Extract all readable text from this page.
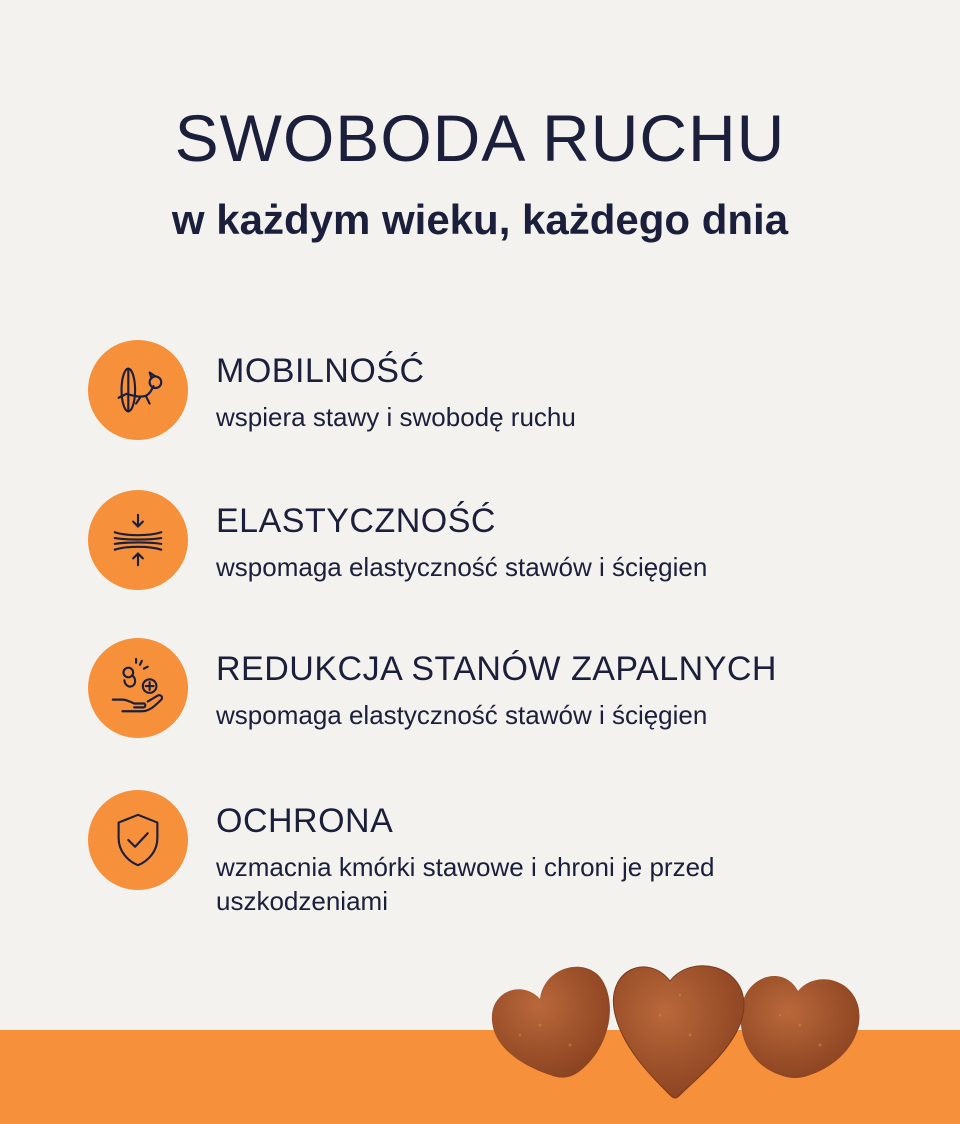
SWOBODA RUCHU
w każdym wieku, każdego dnia
MOBILNOŚĆ
wspiera stawy i swobodę ruchu
ELASTYCZNOŚĆ
wspomaga elastyczność stawów i ścięgien
REDUKCJA STANÓW ZAPALNYCH
wspomaga elastyczność stawów i ścięgien
OCHRONA
wzmacnia kmórki stawowe i chroni je przed uszkodzeniami
